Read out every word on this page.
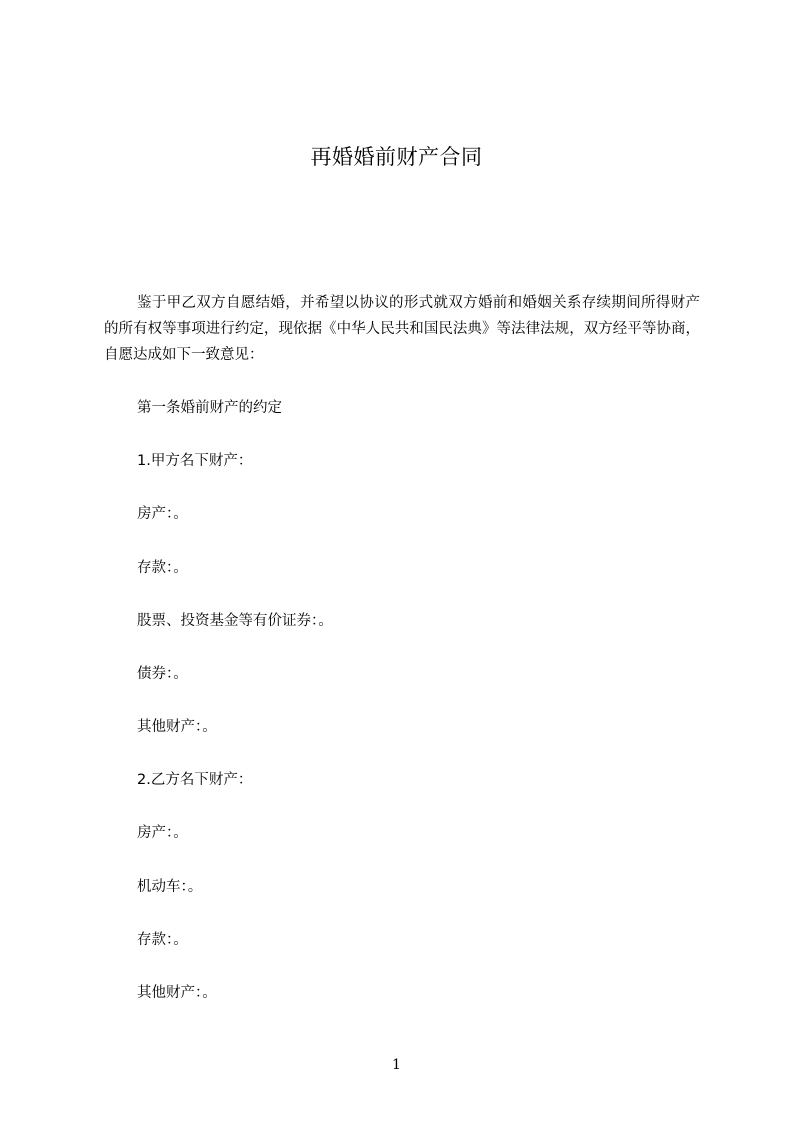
再婚婚前财产合同

鉴于甲乙双方自愿结婚，并希望以协议的形式就双方婚前和婚姻关系存续期间所得财产的所有权等事项进行约定，现依据《中华人民共和国民法典》等法律法规，双方经平等协商，自愿达成如下一致意见：

第一条婚前财产的约定
1.甲方名下财产：
房产：。
存款：。
股票、投资基金等有价证券：。
债券：。
其他财产：。
2.乙方名下财产：
房产：。
机动车：。
存款：。
其他财产：。
1
